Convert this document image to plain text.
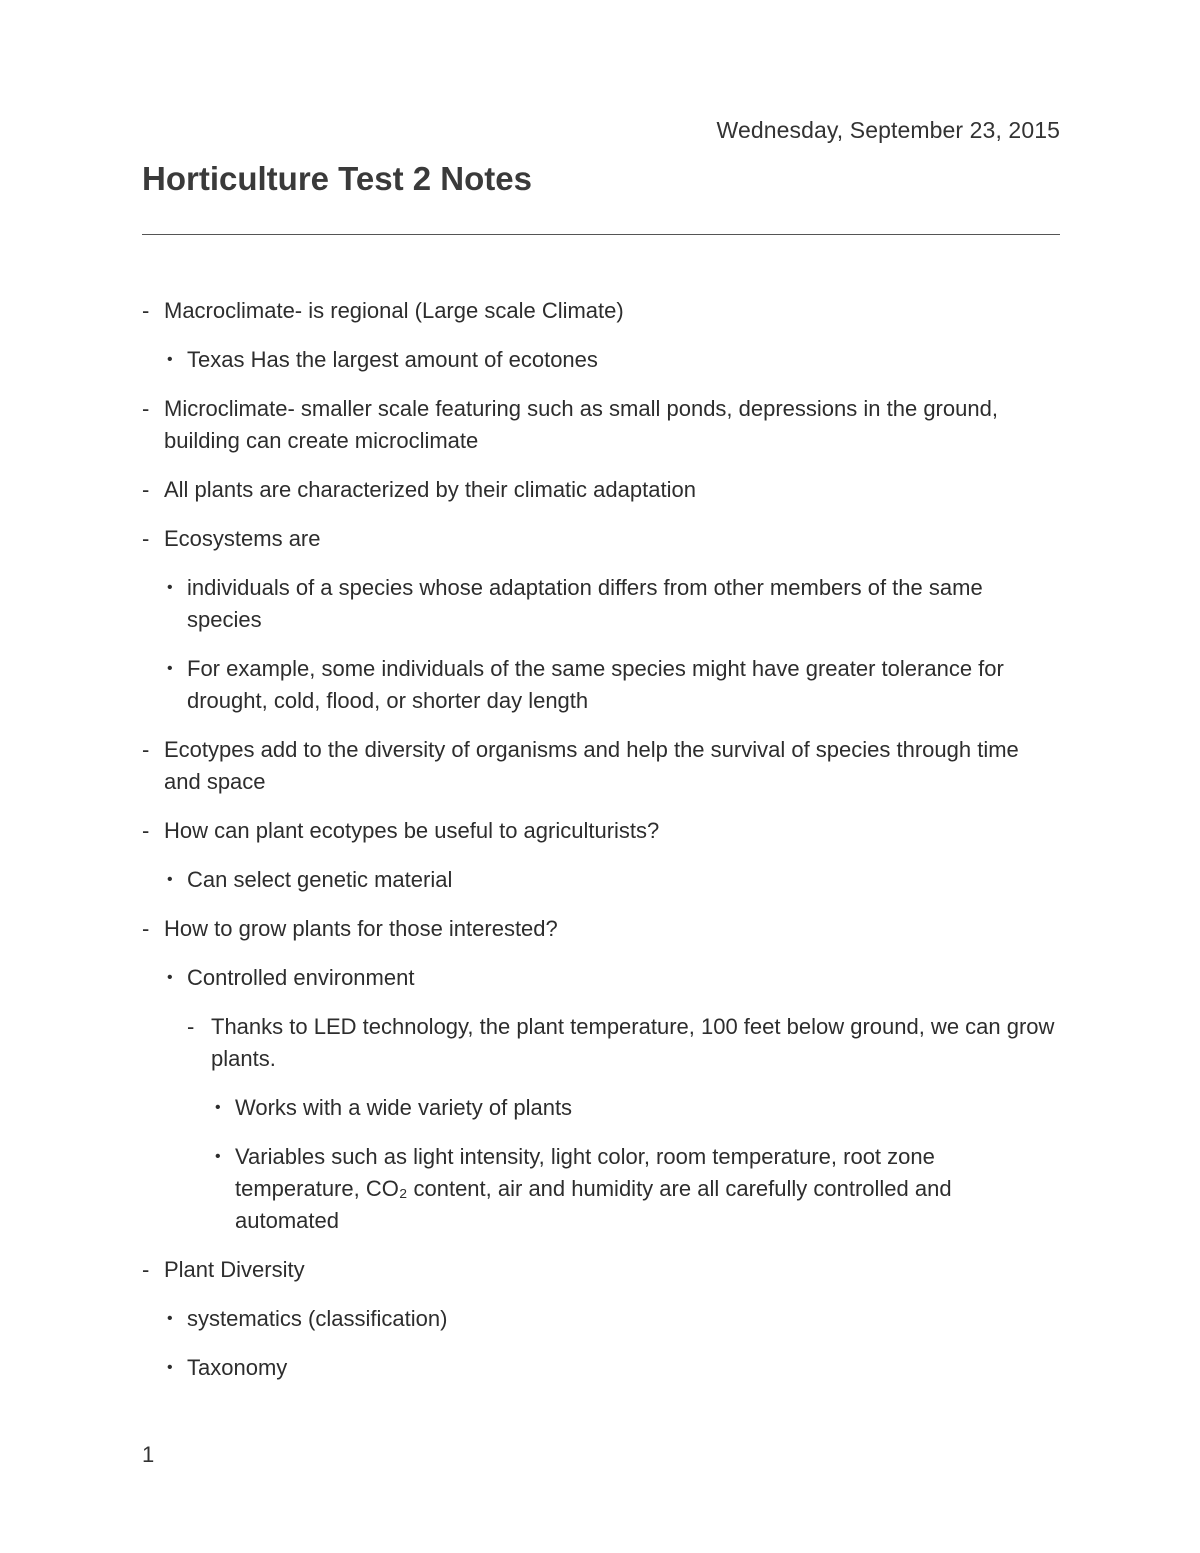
Wednesday, September 23, 2015
Horticulture Test 2 Notes
- Macroclimate- is regional (Large scale Climate)
• Texas Has the largest amount of ecotones
- Microclimate- smaller scale featuring such as small ponds, depressions in the ground, building can create microclimate
- All plants are characterized by their climatic adaptation
- Ecosystems are
• individuals of a species whose adaptation differs from other members of the same species
• For example, some individuals of the same species might have greater tolerance for drought, cold, flood, or shorter day length
- Ecotypes add to the diversity of organisms and help the survival of species through time and space
- How can plant ecotypes be useful to agriculturists?
• Can select genetic material
- How to grow plants for those interested?
• Controlled environment
- Thanks to LED technology, the plant temperature, 100 feet below ground, we can grow plants.
• Works with a wide variety of plants
• Variables such as light intensity, light color, room temperature, root zone temperature, CO₂ content, air and humidity are all carefully controlled and automated
- Plant Diversity
• systematics (classification)
• Taxonomy
1
